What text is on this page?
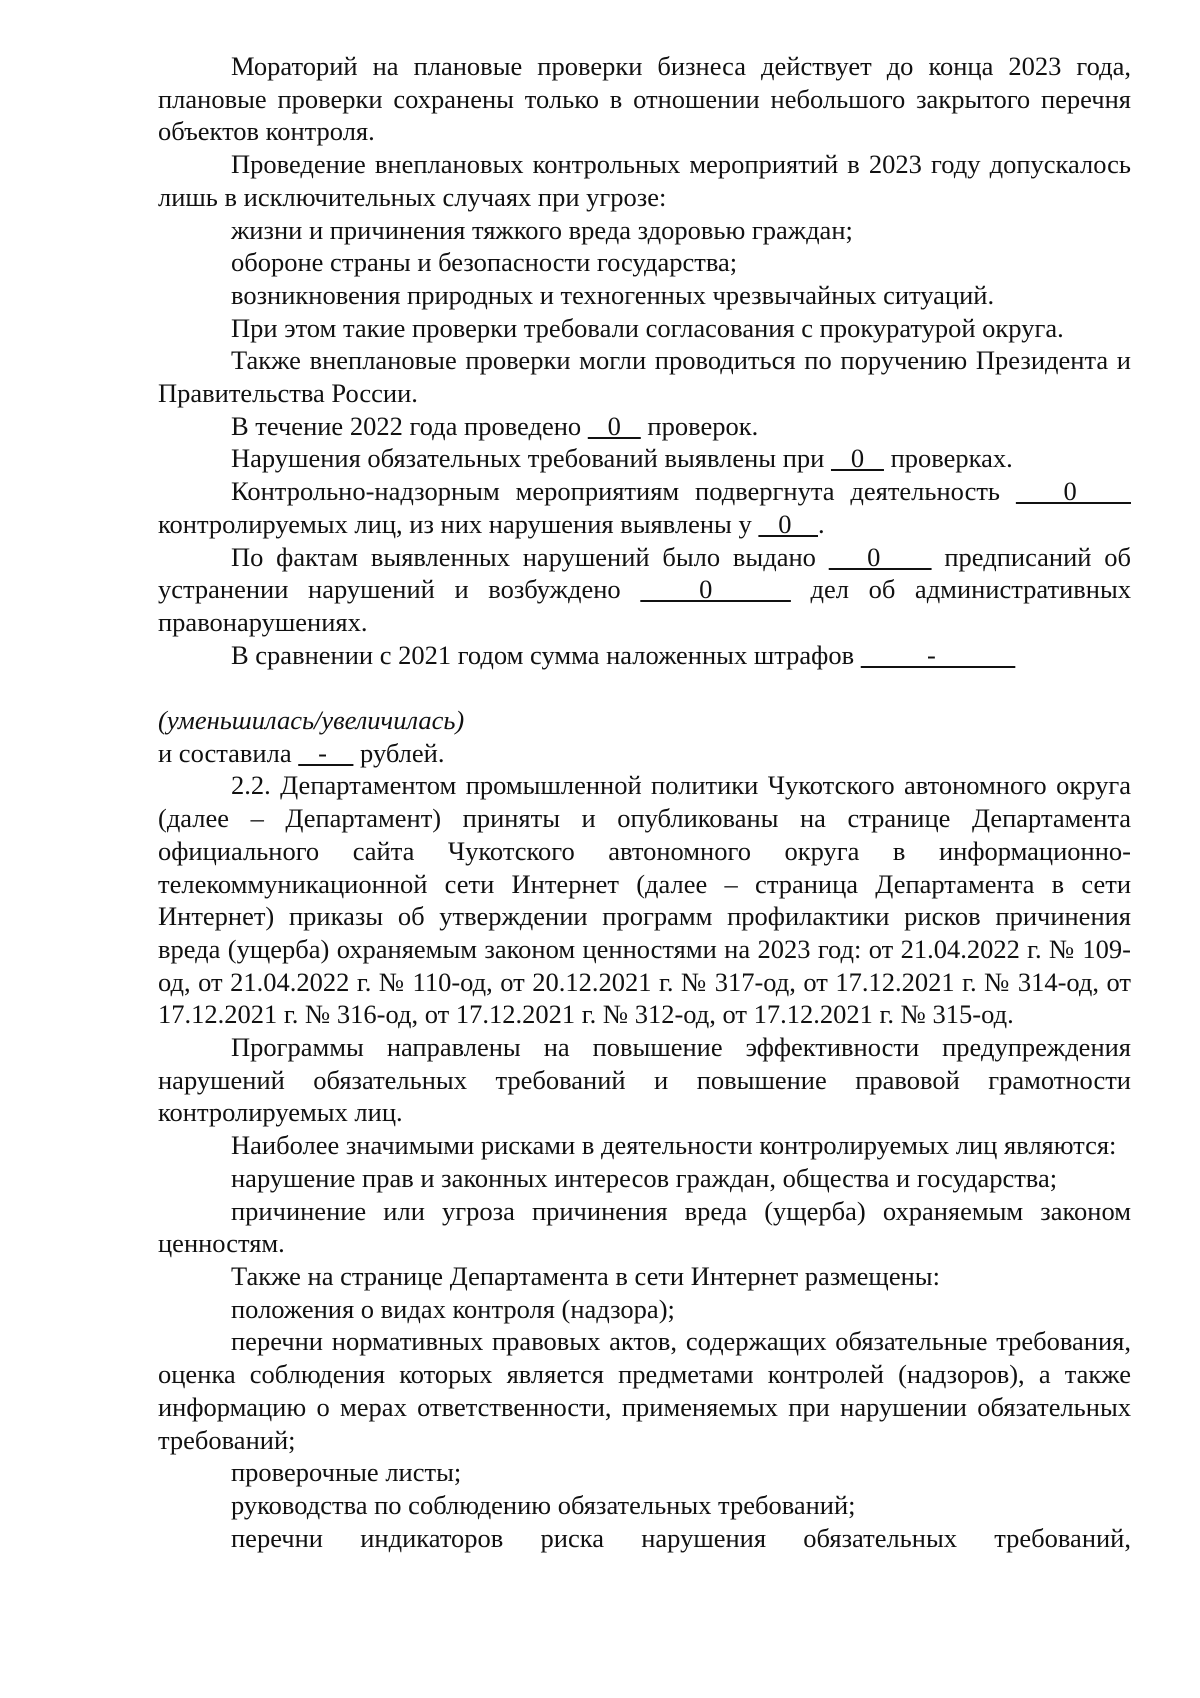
Мораторий на плановые проверки бизнеса действует до конца 2023 года, плановые проверки сохранены только в отношении небольшого закрытого перечня объектов контроля.

Проведение внеплановых контрольных мероприятий в 2023 году допускалось лишь в исключительных случаях при угрозе:

жизни и причинения тяжкого вреда здоровью граждан;

обороне страны и безопасности государства;

возникновения природных и техногенных чрезвычайных ситуаций.

При этом такие проверки требовали согласования с прокуратурой округа.

Также внеплановые проверки могли проводиться по поручению Президента и Правительства России.

В течение 2022 года проведено    0    проверок.

Нарушения обязательных требований выявлены при    0    проверках.

Контрольно-надзорным мероприятиям подвергнута деятельность    0     контролируемых лиц, из них нарушения выявлены у    0    .

По фактам выявленных нарушений было выдано    0     предписаний об устранении нарушений и возбуждено    0     дел об административных правонарушениях.

В сравнении с 2021 годом сумма наложенных штрафов           -

(уменьшилась/увеличилась)

и составила    -     рублей.

2.2. Департаментом промышленной политики Чукотского автономного округа (далее – Департамент) приняты и опубликованы на странице Департамента официального сайта Чукотского автономного округа в информационно-телекоммуникационной сети Интернет (далее – страница Департамента в сети Интернет) приказы об утверждении программ профилактики рисков причинения вреда (ущерба) охраняемым законом ценностями на 2023 год: от 21.04.2022 г. № 109-од, от 21.04.2022 г. № 110-од, от 20.12.2021 г. № 317-од, от 17.12.2021 г. № 314-од, от 17.12.2021 г. № 316-од, от 17.12.2021 г. № 312-од, от 17.12.2021 г. № 315-од.

Программы направлены на повышение эффективности предупреждения нарушений обязательных требований и повышение правовой грамотности контролируемых лиц.

Наиболее значимыми рисками в деятельности контролируемых лиц являются:

нарушение прав и законных интересов граждан, общества и государства;

причинение или угроза причинения вреда (ущерба) охраняемым законом ценностям.

Также на странице Департамента в сети Интернет размещены:

положения о видах контроля (надзора);

перечни нормативных правовых актов, содержащих обязательные требования, оценка соблюдения которых является предметами контролей (надзоров), а также информацию о мерах ответственности, применяемых при нарушении обязательных требований;

проверочные листы;

руководства по соблюдению обязательных требований;

перечни индикаторов риска нарушения обязательных требований,
